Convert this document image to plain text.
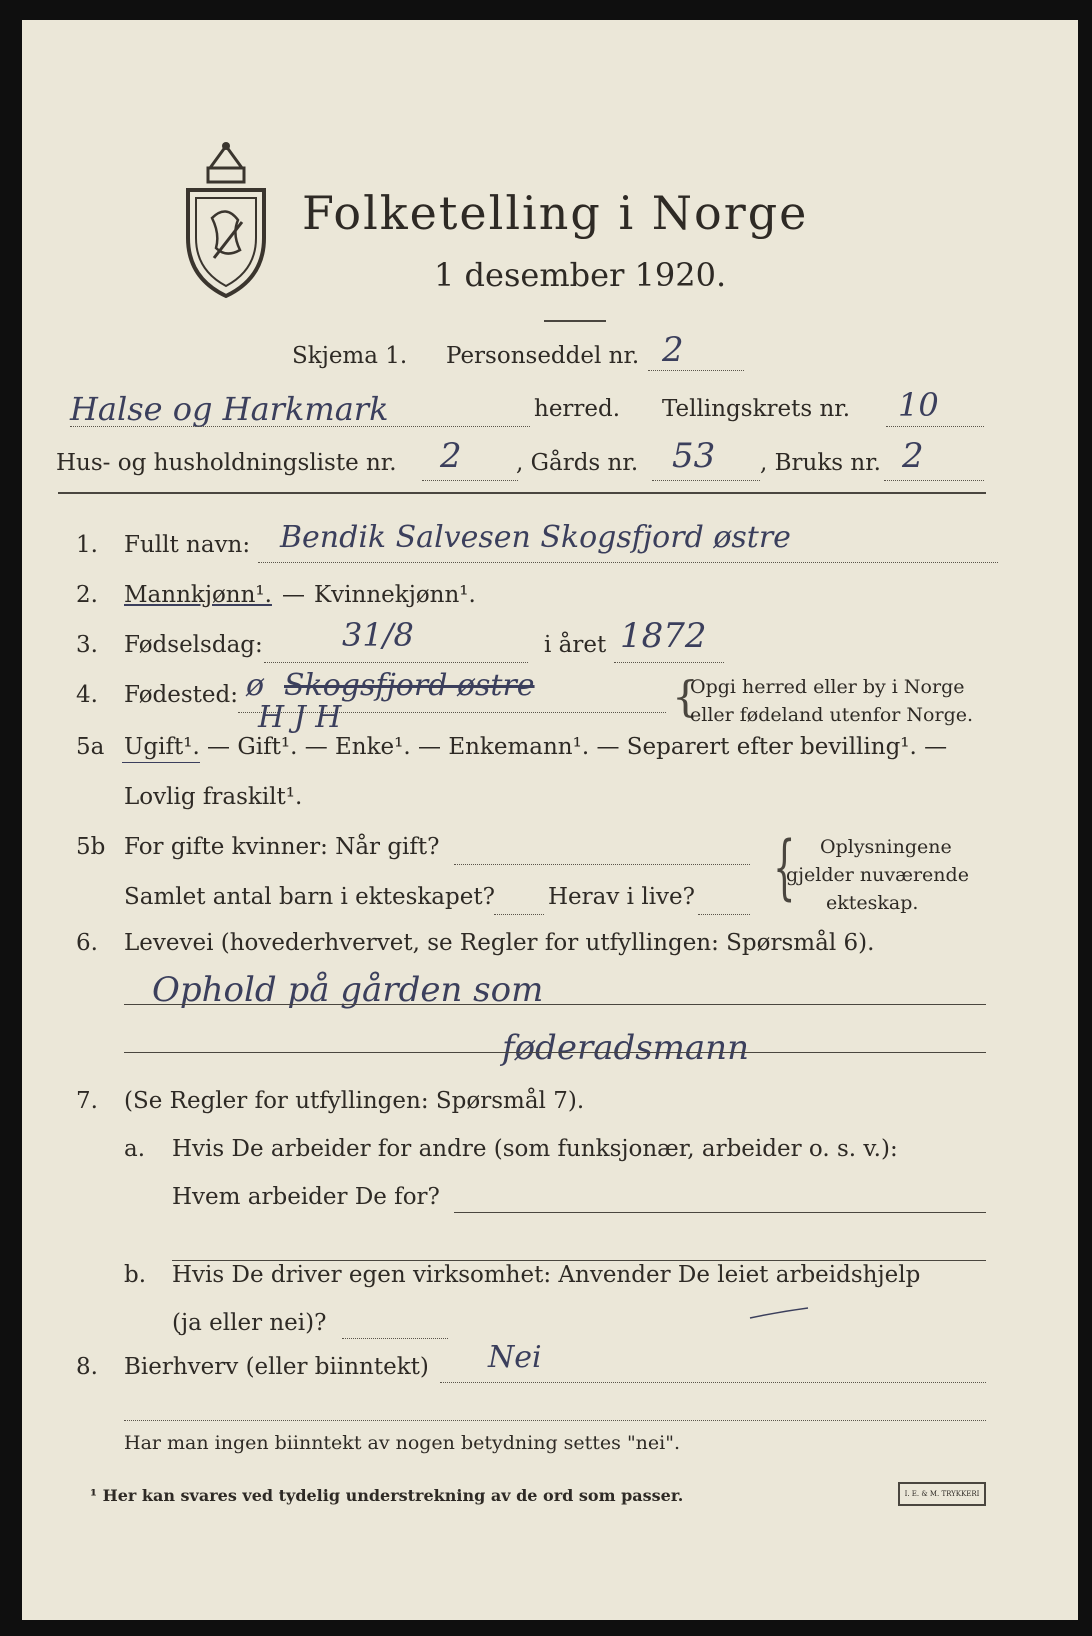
Folketelling i Norge
1 desember 1920.
Skjema 1. Personseddel nr. 2
Halse og Harkmark	herred. Tellingskrets nr. 10
Hus- og husholdningsliste nr. 2 , Gårds nr. 53 , Bruks nr. 2
1. Fullt navn: Bendik Salvesen Skogsfjord østre
2. Mannkjønn¹. — Kvinnekjønn¹.
3. Fødselsdag: 31/8	i året 1872
4. Fødested: ø Skogsfjord østre
H J H	{
Opgi herred eller by i Norge
eller fødeland utenfor Norge.
5a Ugift¹. — Gift¹. — Enke¹. — Enkemann¹. — Separert efter bevilling¹. —
Lovlig fraskilt¹.
5b For gifte kvinner: Når gift?
Samlet antal barn i ekteskapet? Herav i live? { Oplysningene
gjelder nuværende
ekteskap.
6. Levevei (hovederhvervet, se Regler for utfyllingen: Spørsmål 6).
Ophold på gården som
føderadsmann
7. (Se Regler for utfyllingen: Spørsmål 7).
a. Hvis De arbeider for andre (som funksjonær, arbeider o. s. v.):
Hvem arbeider De for?
b. Hvis De driver egen virksomhet: Anvender De leiet arbeidshjelp
(ja eller nei)?
8. Bierhverv (eller biinntekt) Nei
Har man ingen biinntekt av nogen betydning settes "nei".
¹ Her kan svares ved tydelig understrekning av de ord som passer.	I. E. & M. TRYKKERI
